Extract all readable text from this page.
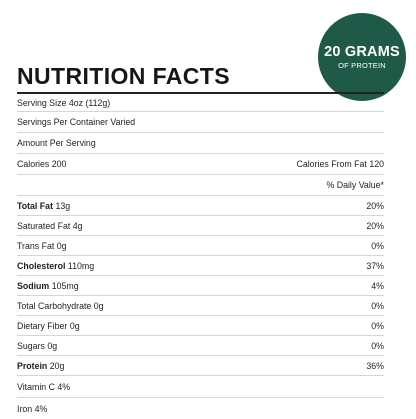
20 GRAMS
OF PROTEIN
NUTRITION FACTS
Serving Size 4oz (112g)
Servings Per Container Varied
Amount Per Serving
Calories 200	Calories From Fat 120
% Daily Value*
Total Fat 13g	20%
Saturated Fat 4g	20%
Trans Fat 0g	0%
Cholesterol 110mg	37%
Sodium 105mg	4%
Total Carbohydrate 0g	0%
Dietary Fiber 0g	0%
Sugars 0g	0%
Protein 20g	36%
Vitamin C 4%
Iron 4%
